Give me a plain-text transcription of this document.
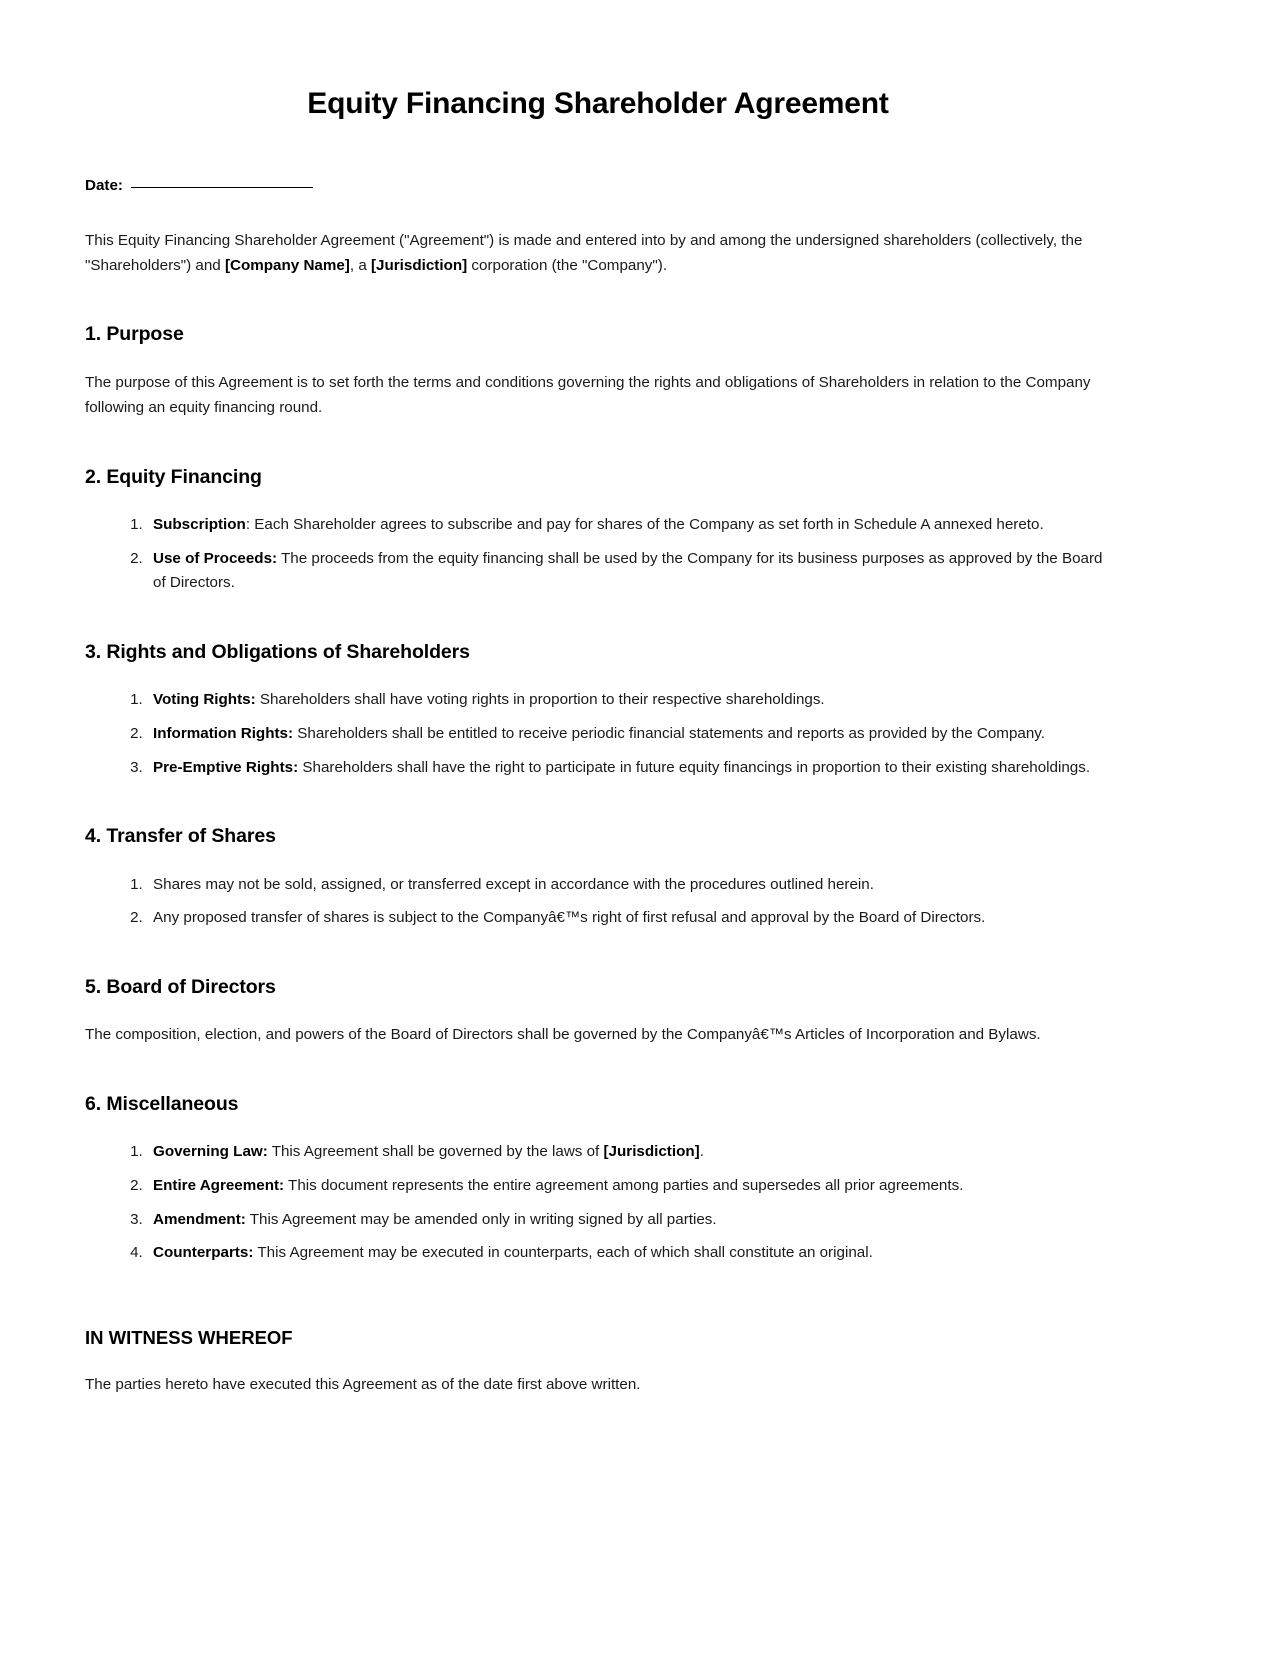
Equity Financing Shareholder Agreement
Date:

This Equity Financing Shareholder Agreement ("Agreement") is made and entered into by and among the undersigned shareholders (collectively, the "Shareholders") and [Company Name], a [Jurisdiction] corporation (the "Company").

1. Purpose

The purpose of this Agreement is to set forth the terms and conditions governing the rights and obligations of Shareholders in relation to the Company following an equity financing round.

2. Equity Financing
1. Subscription: Each Shareholder agrees to subscribe and pay for shares of the Company as set forth in Schedule A annexed hereto.
2. Use of Proceeds: The proceeds from the equity financing shall be used by the Company for its business purposes as approved by the Board of Directors.
3. Rights and Obligations of Shareholders
1. Voting Rights: Shareholders shall have voting rights in proportion to their respective shareholdings.
2. Information Rights: Shareholders shall be entitled to receive periodic financial statements and reports as provided by the Company.
3. Pre-Emptive Rights: Shareholders shall have the right to participate in future equity financings in proportion to their existing shareholdings.
4. Transfer of Shares
1. Shares may not be sold, assigned, or transferred except in accordance with the procedures outlined herein.
2. Any proposed transfer of shares is subject to the Companyâ€™s right of first refusal and approval by the Board of Directors.
5. Board of Directors

The composition, election, and powers of the Board of Directors shall be governed by the Companyâ€™s Articles of Incorporation and Bylaws.

6. Miscellaneous
1. Governing Law: This Agreement shall be governed by the laws of [Jurisdiction].
2. Entire Agreement: This document represents the entire agreement among parties and supersedes all prior agreements.
3. Amendment: This Agreement may be amended only in writing signed by all parties.
4. Counterparts: This Agreement may be executed in counterparts, each of which shall constitute an original.
IN WITNESS WHEREOF

The parties hereto have executed this Agreement as of the date first above written.
